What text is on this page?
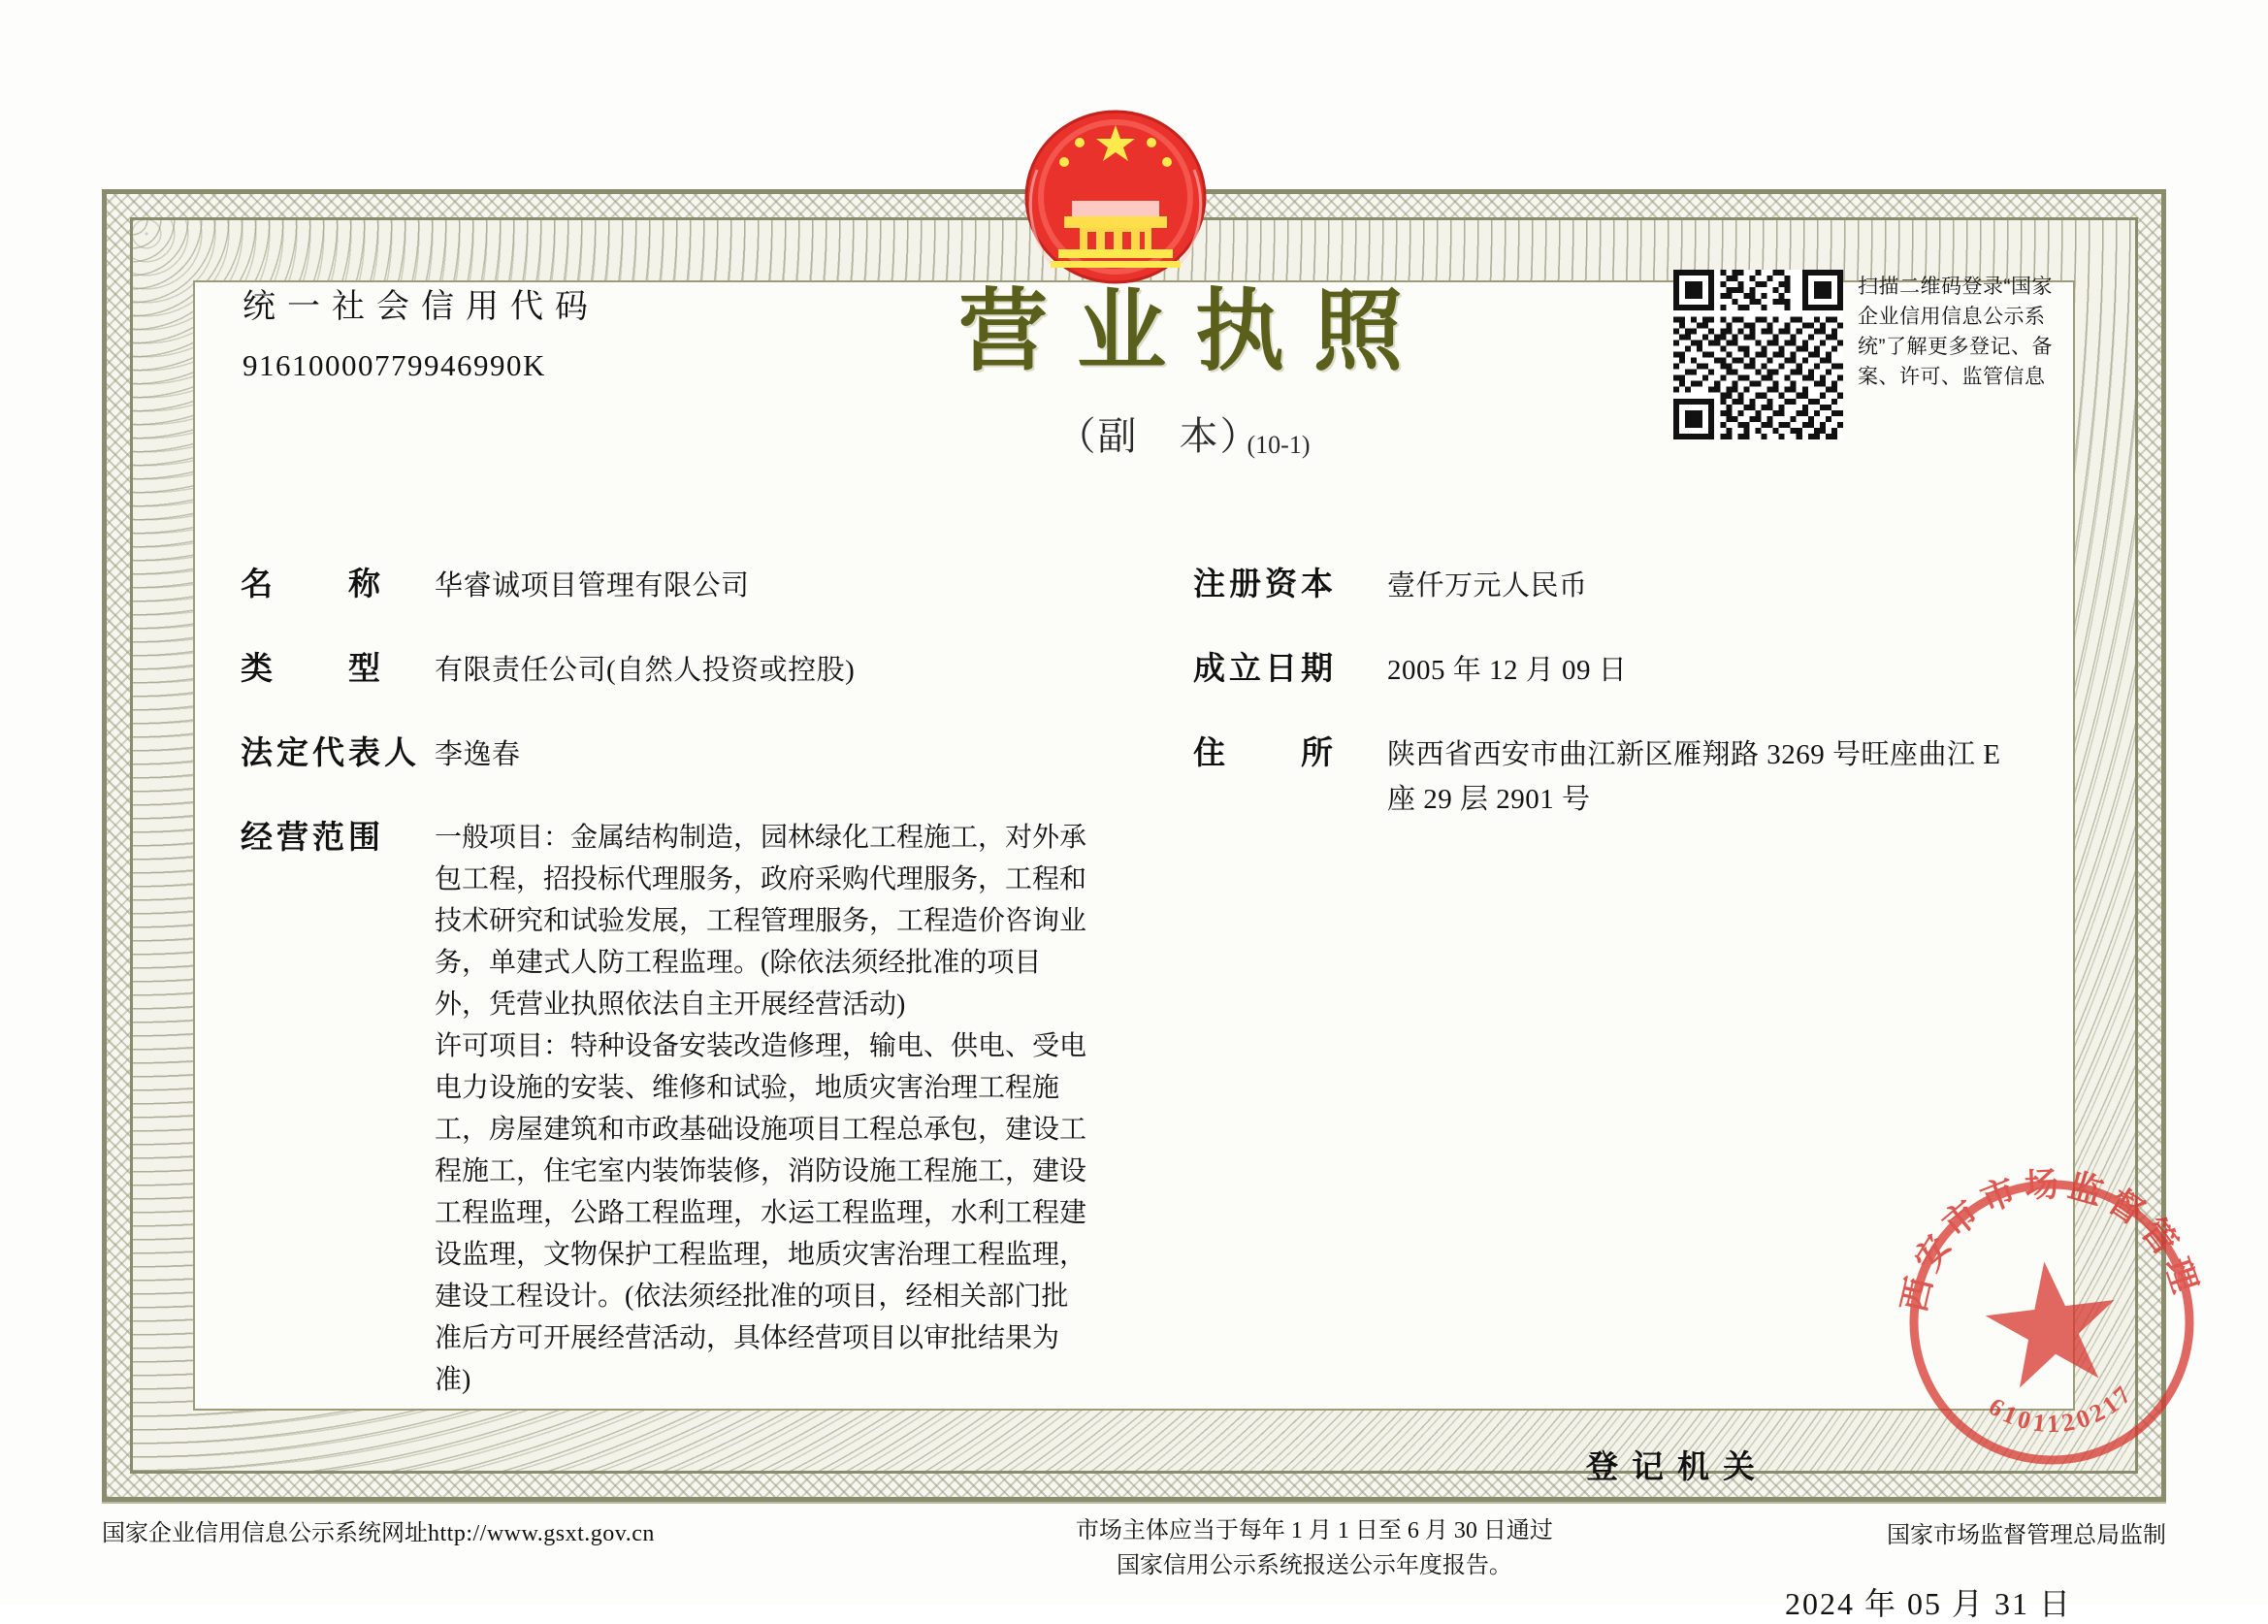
统一社会信用代码
91610000779946990K	营业执照
（副　本）(10-1)
扫描二维码登录“国家企业信用信息公示系统”了解更多登记、备案、许可、监管信息
名　　称	华睿诚项目管理有限公司
类　　型	有限责任公司(自然人投资或控股)
法定代表人 李逸春
经营范围	一般项目：金属结构制造，园林绿化工程施工，对外承包工程，招投标代理服务，政府采购代理服务，工程和技术研究和试验发展，工程管理服务，工程造价咨询业务，单建式人防工程监理。(除依法须经批准的项目外，凭营业执照依法自主开展经营活动)
许可项目：特种设备安装改造修理，输电、供电、受电电力设施的安装、维修和试验，地质灾害治理工程施工，房屋建筑和市政基础设施项目工程总承包，建设工程施工，住宅室内装饰装修，消防设施工程施工，建设工程监理，公路工程监理，水运工程监理，水利工程建设监理，文物保护工程监理，地质灾害治理工程监理，建设工程设计。(依法须经批准的项目，经相关部门批准后方可开展经营活动，具体经营项目以审批结果为准)
注册资本	壹仟万元人民币
成立日期	2005 年 12 月 09 日
住　　所	陕西省西安市曲江新区雁翔路 3269 号旺座曲江 E 座 29 层 2901 号
登记机关
2024 年 05 月 31 日
西安市市场监督管理局
6101120217
国家企业信用信息公示系统网址http://www.gsxt.gov.cn	市场主体应当于每年 1 月 1 日至 6 月 30 日通过
国家信用公示系统报送公示年度报告。
国家市场监督管理总局监制
